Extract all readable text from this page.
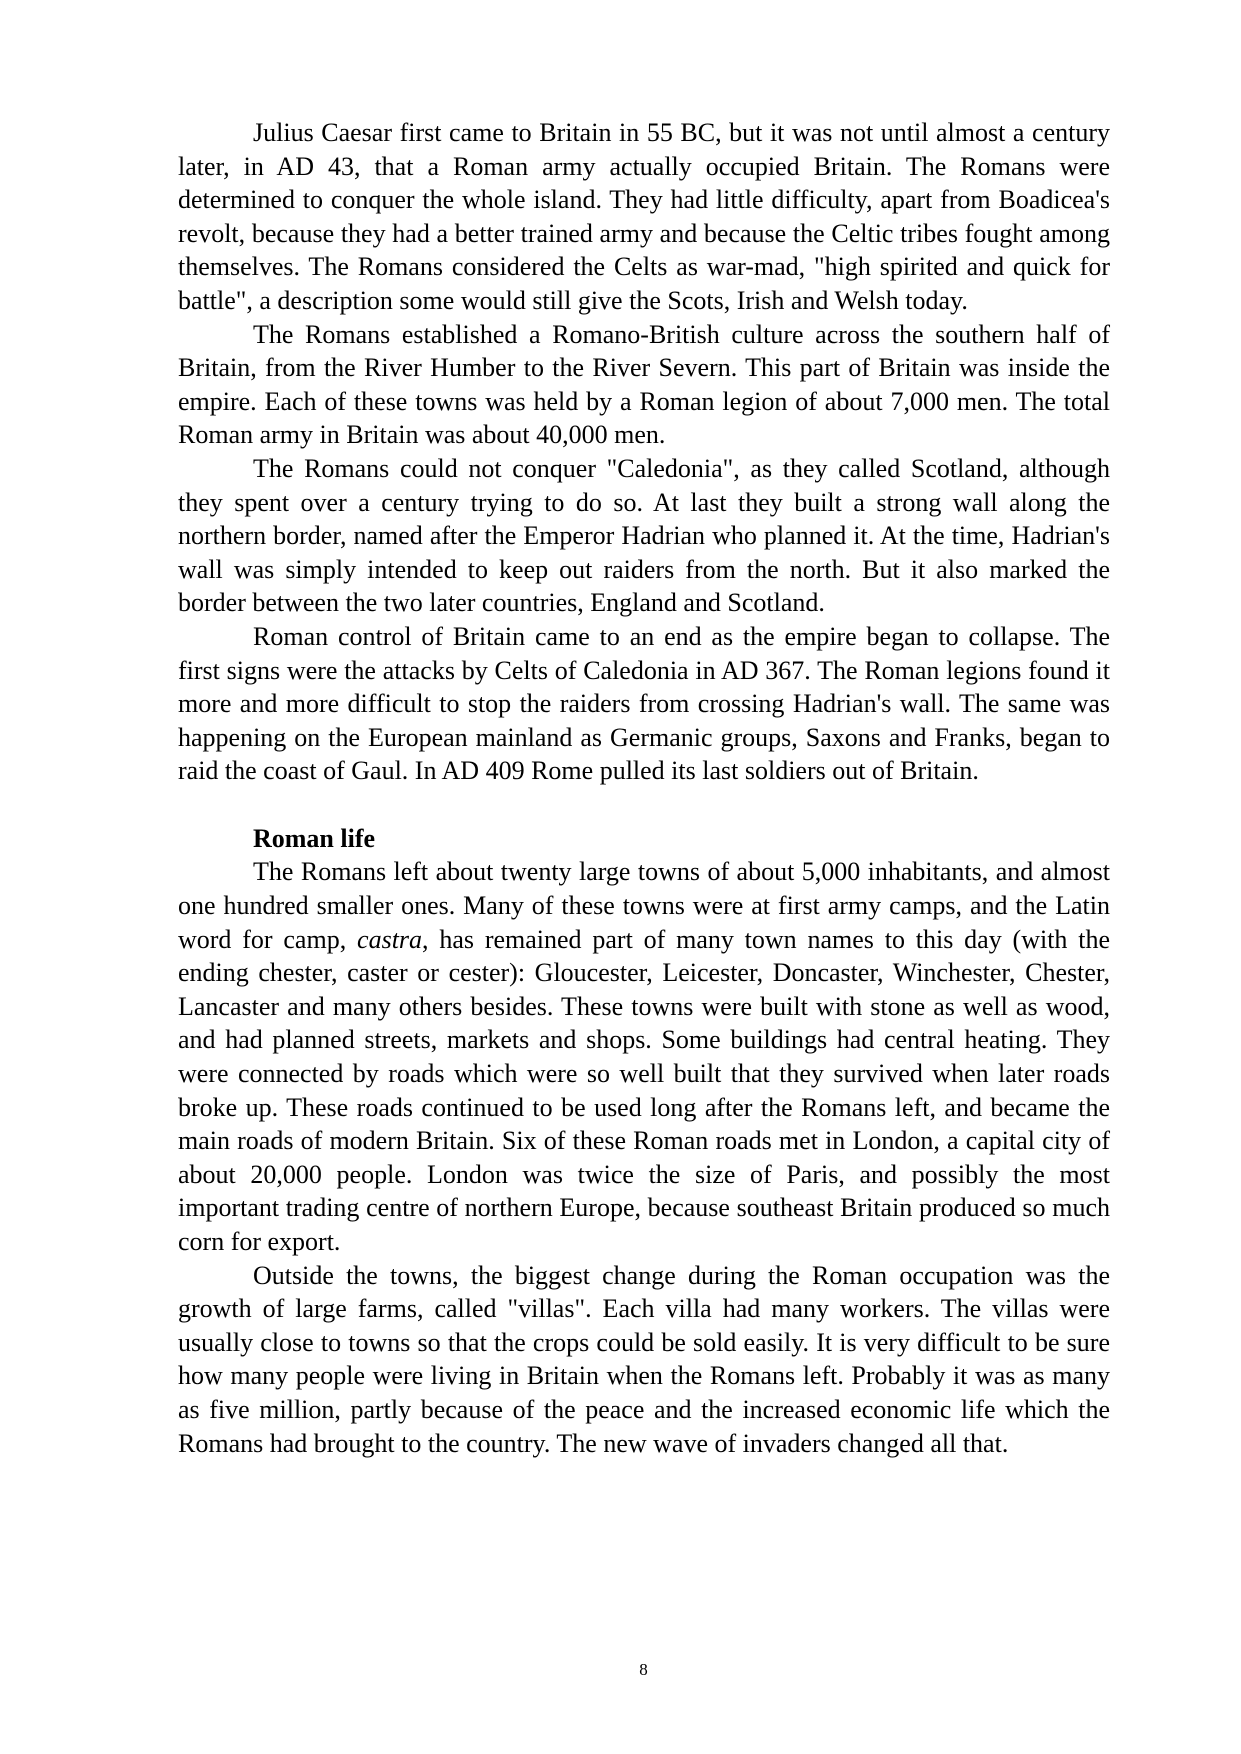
Julius Caesar first came to Britain in 55 BC, but it was not until almost a century later, in AD 43, that a Roman army actually occupied Britain. The Romans were determined to conquer the whole island. They had little difficulty, apart from Boadicea's revolt, because they had a better trained army and because the Celtic tribes fought among themselves. The Romans considered the Celts as war-mad, "high spirited and quick for battle", a description some would still give the Scots, Irish and Welsh today.

The Romans established a Romano-British culture across the southern half of Britain, from the River Humber to the River Severn. This part of Britain was inside the empire. Each of these towns was held by a Roman legion of about 7,000 men. The total Roman army in Britain was about 40,000 men.

The Romans could not conquer "Caledonia", as they called Scotland, although they spent over a century trying to do so. At last they built a strong wall along the northern border, named after the Emperor Hadrian who planned it. At the time, Hadrian's wall was simply intended to keep out raiders from the north. But it also marked the border between the two later countries, England and Scotland.

Roman control of Britain came to an end as the empire began to collapse. The first signs were the attacks by Celts of Caledonia in AD 367. The Roman legions found it more and more difficult to stop the raiders from crossing Hadrian's wall. The same was happening on the European mainland as Germanic groups, Saxons and Franks, began to raid the coast of Gaul. In AD 409 Rome pulled its last soldiers out of Britain.

Roman life

The Romans left about twenty large towns of about 5,000 inhabitants, and almost one hundred smaller ones. Many of these towns were at first army camps, and the Latin word for camp, castra, has remained part of many town names to this day (with the ending chester, caster or cester): Gloucester, Leicester, Doncaster, Winchester, Chester, Lancaster and many others besides. These towns were built with stone as well as wood, and had planned streets, markets and shops. Some buildings had central heating. They were connected by roads which were so well built that they survived when later roads broke up. These roads continued to be used long after the Romans left, and became the main roads of modern Britain. Six of these Roman roads met in London, a capital city of about 20,000 people. London was twice the size of Paris, and possibly the most important trading centre of northern Europe, because southeast Britain produced so much corn for export.

Outside the towns, the biggest change during the Roman occupation was the growth of large farms, called "villas". Each villa had many workers. The villas were usually close to towns so that the crops could be sold easily. It is very difficult to be sure how many people were living in Britain when the Romans left. Probably it was as many as five million, partly because of the peace and the increased economic life which the Romans had brought to the country. The new wave of invaders changed all that.

8
